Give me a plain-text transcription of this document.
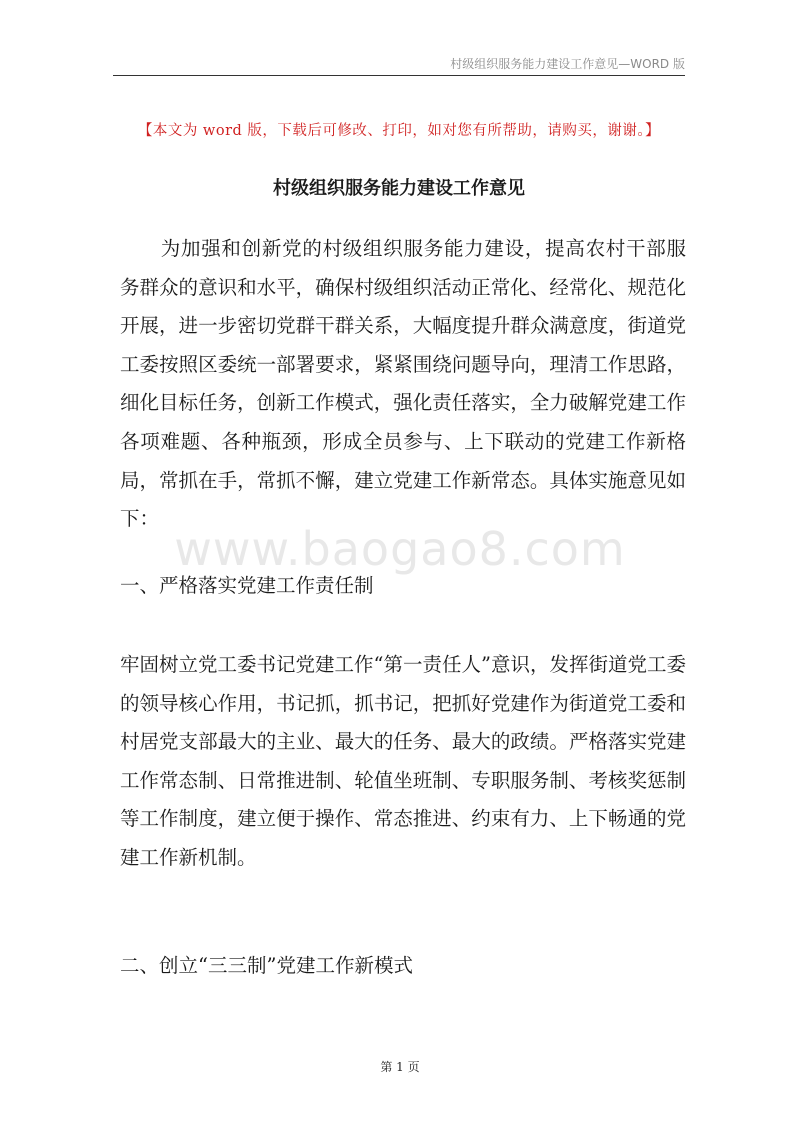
村级组织服务能力建设工作意见—WORD 版
【本文为 word 版，下载后可修改、打印，如对您有所帮助，请购买，谢谢。】
村级组织服务能力建设工作意见

为加强和创新党的村级组织服务能力建设，提高农村干部服务群众的意识和水平，确保村级组织活动正常化、经常化、规范化开展，进一步密切党群干群关系，大幅度提升群众满意度，街道党工委按照区委统一部署要求，紧紧围绕问题导向，理清工作思路，细化目标任务，创新工作模式，强化责任落实，全力破解党建工作各项难题、各种瓶颈，形成全员参与、上下联动的党建工作新格局，常抓在手，常抓不懈，建立党建工作新常态。具体实施意见如下：

www.baogao8.com

一、严格落实党建工作责任制

牢固树立党工委书记党建工作“第一责任人”意识，发挥街道党工委的领导核心作用，书记抓，抓书记，把抓好党建作为街道党工委和村居党支部最大的主业、最大的任务、最大的政绩。严格落实党建工作常态制、日常推进制、轮值坐班制、专职服务制、考核奖惩制等工作制度，建立便于操作、常态推进、约束有力、上下畅通的党建工作新机制。

二、创立“三三制”党建工作新模式

第 1 页
